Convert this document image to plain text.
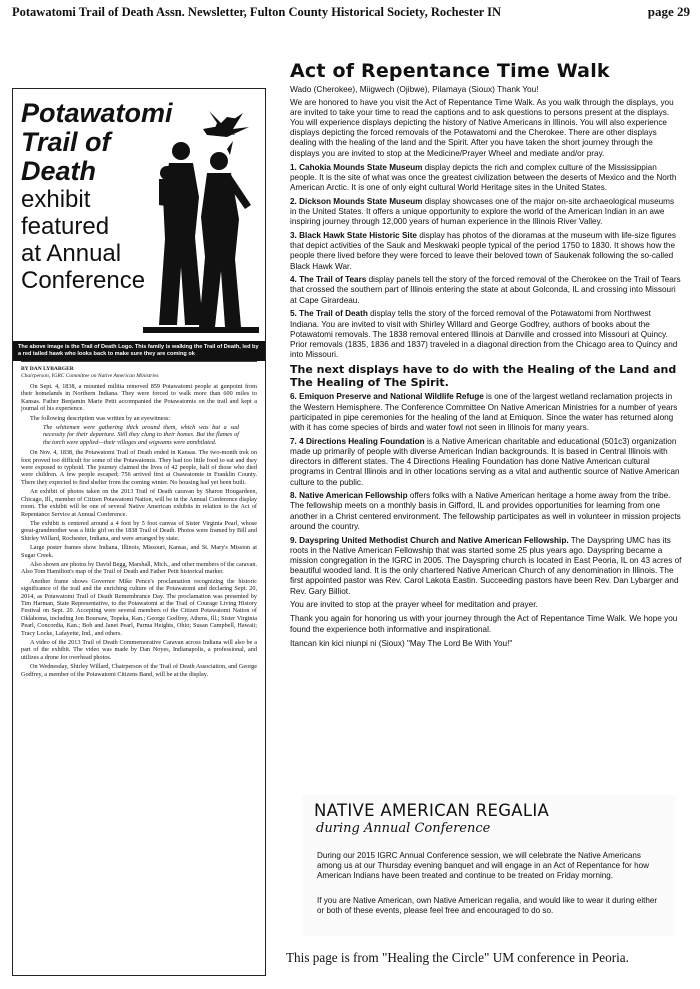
Potawatomi Trail of Death Assn. Newsletter, Fulton County Historical Society, Rochester IN	page 29
Potawatomi
Trail of
Death
exhibit
featured
at Annual
Conference
The above image is the Trail of Death Logo. This family is walking the Trail of Death, led by a red tailed hawk who looks back to make sure they are coming ok
BY DAN LYBARGER
Chairperson, IGRC Committee on Native American Ministries

On Sept. 4, 1838, a mounted militia removed 859 Potawatomi people at gunpoint from their homelands in Northern Indiana. They were forced to walk more than 600 miles to Kansas. Father Benjamin Marie Petit accompanied the Potawatomis on the trail and kept a journal of his experience.

The following description was written by an eyewitness:

The whitemen were gathering thick around them, which was but a sad necessity for their departure. Still they clung to their homes. But the flames of the torch were applied—their villages and wigwams were annihilated.

On Nov. 4, 1838, the Potawatomi Trail of Death ended in Kansas. The two-month trek on foot proved too difficult for some of the Potawatomis. They had too little food to eat and they were exposed to typhoid. The journey claimed the lives of 42 people, half of those who died were children. A few people escaped; 756 arrived first at Osawatomie in Franklin County. There they expected to find shelter from the coming winter. No housing had yet been built.

An exhibit of photos taken on the 2013 Trail of Death caravan by Sharon Hougardeen, Chicago, Ill., member of Citizen Potawatomi Nation, will be in the Annual Conference display room. The exhibit will be one of several Native American exhibits in relation to the Act of Repentance Service at Annual Conference.

The exhibit is centered around a 4 foot by 5 foot canvas of Sister Virginia Pearl, whose great-grandmother was a little girl on the 1838 Trail of Death. Photos were framed by Bill and Shirley Willard, Rochester, Indiana, and were arranged by state.

Large poster frames show Indiana, Illinois, Missouri, Kansas, and St. Mary's Mission at Sugar Creek.

Also shown are photos by David Begg, Marshall, Mich., and other members of the caravan. Also Tom Hamilton's map of the Trail of Death and Father Petit historical marker.

Another frame shows Governor Mike Pence's proclamation recognizing the historic significance of the trail and the enriching culture of the Potawatomi and declaring Sept. 20, 2014, as Potawatomi Trail of Death Remembrance Day. The proclamation was presented by Tim Harman, State Representative, to the Potawatomi at the Trail of Courage Living History Festival on Sept. 20. Accepting were several members of the Citizen Potawatomi Nation of Oklahoma, including Jon Boursaw, Topeka, Kan.; George Godfrey, Athens, Ill.; Sister Virginia Pearl, Concordia, Kan.; Bob and Janet Pearl, Parma Heights, Ohio; Susan Campbell, Hawaii; Tracy Locke, Lafayette, Ind., and others.

A video of the 2013 Trail of Death Commemorative Caravan across Indiana will also be a part of the exhibit. The video was made by Dan Noyes, Indianapolis, a professional, and utilizes a drone for overhead photos.

On Wednesday, Shirley Willard, Chairperson of the Trail of Death Association, and George Godfrey, a member of the Potawatomi Citizens Band, will be at the display.

Act of Repentance Time Walk
Wado (Cherokee), Miigwech (Ojibwe), Pilamaya (Sioux) Thank You!

We are honored to have you visit the Act of Repentance Time Walk. As you walk through the displays, you are invited to take your time to read the captions and to ask questions to persons present at the displays. You will experience displays depicting the history of Native Americans in Illinois. You will also experience displays depicting the forced removals of the Potawatomi and the Cherokee. There are other displays dealing with the healing of the land and the Spirit. After you have taken the short journey through the displays you are invited to stop at the Medicine/Prayer Wheel and mediate and/or pray.

1. Cahokia Mounds State Museum display depicts the rich and complex culture of the Mississippian people. It is the site of what was once the greatest civilization between the deserts of Mexico and the North American Arctic. It is one of only eight cultural World Heritage sites in the United States.

2. Dickson Mounds State Museum display showcases one of the major on-site archaeological museums in the United States. It offers a unique opportunity to explore the world of the American Indian in an awe inspiring journey through 12,000 years of human experience in the Illinois River Valley.

3. Black Hawk State Historic Site display has photos of the dioramas at the museum with life-size figures that depict activities of the Sauk and Meskwaki people typical of the period 1750 to 1830. It shows how the people there lived before they were forced to leave their beloved town of Saukenak following the so-called Black Hawk War.

4. The Trail of Tears display panels tell the story of the forced removal of the Cherokee on the Trail of Tears that crossed the southern part of Illinois entering the state at about Golconda, IL and crossing into Missouri at Cape Girardeau.

5. The Trail of Death display tells the story of the forced removal of the Potawatomi from Northwest Indiana. You are invited to visit with Shirley Willard and George Godfrey, authors of books about the Potawatomi removals. The 1838 removal entered Illinois at Danville and crossed into Missouri at Quincy. Prior removals (1835, 1836 and 1837) traveled in a diagonal direction from the Chicago area to Quincy and into Missouri.

The next displays have to do with the Healing of the Land and The Healing of The Spirit.

6. Emiquon Preserve and National Wildlife Refuge is one of the largest wetland reclamation projects in the Western Hemisphere. The Conference Committee On Native American Ministries for a number of years participated in pipe ceremonies for the healing of the land at Emiquon. Since the water has returned along with it has come species of birds and water fowl not seen in Illinois for many years.

7. 4 Directions Healing Foundation is a Native American charitable and educational (501c3) organization made up primarily of people with diverse American Indian backgrounds. It is based in Central Illinois with directors in different states. The 4 Directions Healing Foundation has done Native American cultural programs in Central Illinois and in other locations serving as a vital and authentic source of Native American culture to the public.

8. Native American Fellowship offers folks with a Native American heritage a home away from the tribe. The fellowship meets on a monthly basis in Gifford, IL and provides opportunities for learning from one another in a Christ centered environment. The fellowship participates as well in volunteer in mission projects around the country.

9. Dayspring United Methodist Church and Native American Fellowship. The Dayspring UMC has its roots in the Native American Fellowship that was started some 25 plus years ago. Dayspring became a mission congregation in the IGRC in 2005. The Dayspring church is located in East Peoria, IL on 43 acres of beautiful wooded land. It is the only chartered Native American Church of any denomination in Illinois. The first appointed pastor was Rev. Carol Lakota Eastin. Succeeding pastors have been Rev. Dan Lybarger and Rev. Gary Billiot.

You are invited to stop at the prayer wheel for meditation and prayer.

Thank you again for honoring us with your journey through the Act of Repentance Time Walk. We hope you found the experience both informative and inspirational.

Itancan kin kici niunpi ni (Sioux) "May The Lord Be With You!"

NATIVE AMERICAN REGALIA
during Annual Conference

During our 2015 IGRC Annual Conference session, we will celebrate the Native Americans among us at our Thursday evening banquet and will engage in an Act of Repentance for how American Indians have been treated and continue to be treated on Friday morning.

If you are Native American, own Native American regalia, and would like to wear it during either or both of these events, please feel free and encouraged to do so.

This page is from "Healing the Circle" UM conference in Peoria.
